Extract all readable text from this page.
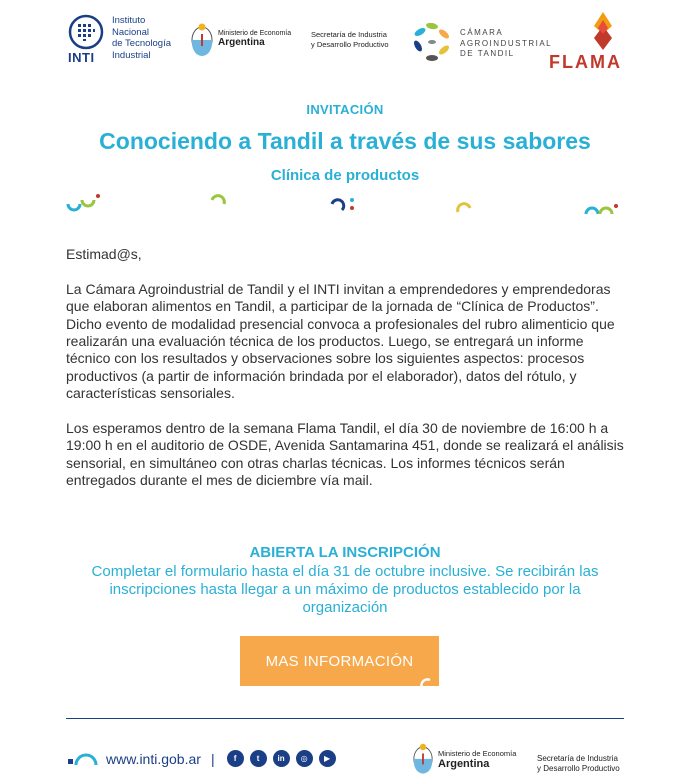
INTI
Instituto
Nacional
de Tecnología
Industrial
Ministerio de Economía
Argentina
Secretaría de Industria
y Desarrollo Productivo
CÁMARA
AGROINDUSTRIAL
DE TANDIL	FLAMA
INVITACIÓN
Conociendo a Tandil a través de sus sabores
Clínica de productos

Estimad@s,

La Cámara Agroindustrial de Tandil y el INTI invitan a emprendedores y emprendedoras que elaboran alimentos en Tandil, a participar de la jornada de “Clínica de Productos”. Dicho evento de modalidad presencial convoca a profesionales del rubro alimenticio que realizarán una evaluación técnica de los productos. Luego, se entregará un informe técnico con los resultados y observaciones sobre los siguientes aspectos: procesos productivos (a partir de información brindada por el elaborador), datos del rótulo, y características sensoriales.

Los esperamos dentro de la semana Flama Tandil, el día 30 de noviembre de 16:00 h a 19:00 h en el auditorio de OSDE, Avenida Santamarina 451, donde se realizará el análisis sensorial, en simultáneo con otras charlas técnicas. Los informes técnicos serán entregados durante el mes de diciembre vía mail.

ABIERTA LA INSCRIPCIÓN
Completar el formulario hasta el día 31 de octubre inclusive. Se recibirán las inscripciones hasta llegar a un máximo de productos establecido por la organización
MAS INFORMACIÓN
www.inti.gob.ar |	f	t	in	◎	▶
Ministerio de Economía
Argentina	Secretaría de Industria
y Desarrollo Productivo
